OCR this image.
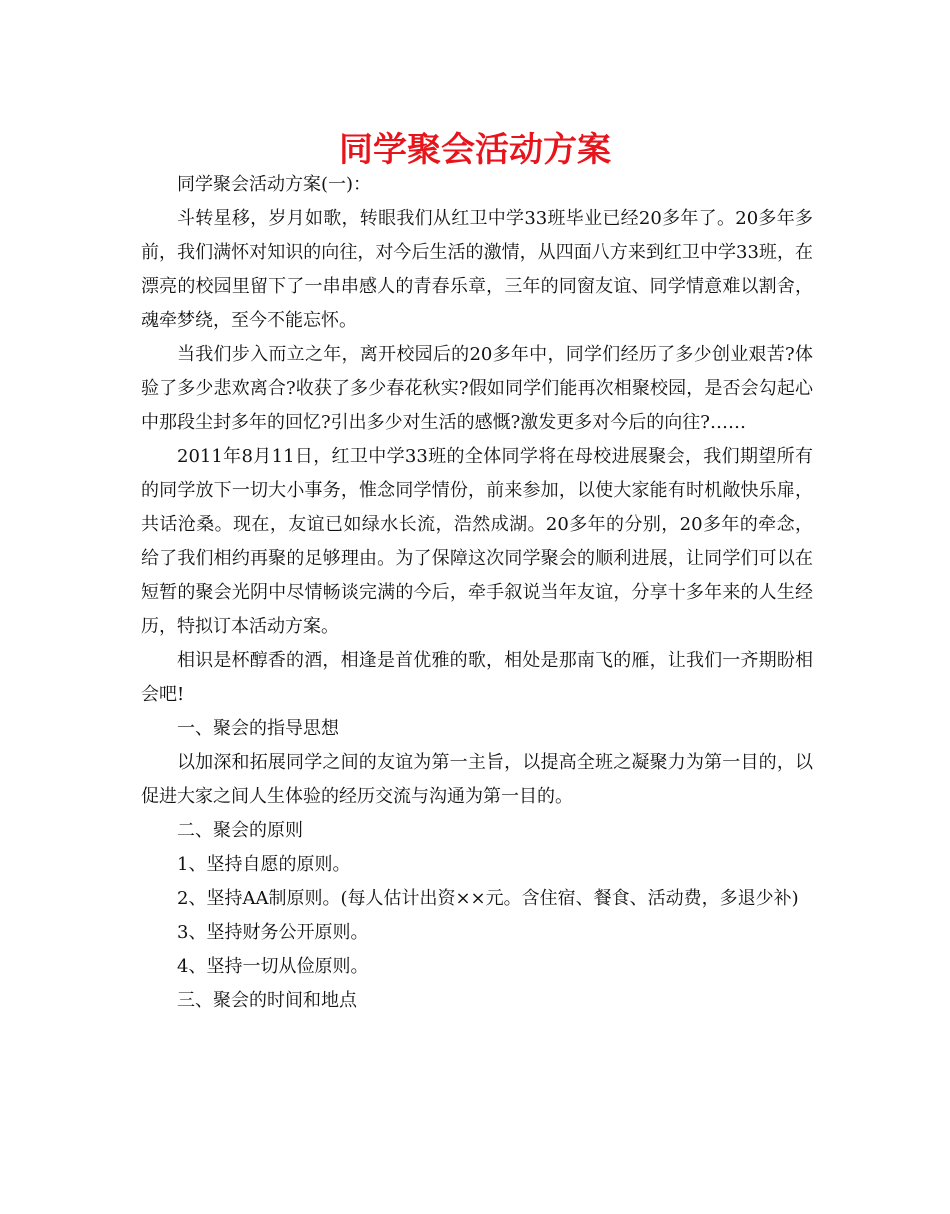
同学聚会活动方案

同学聚会活动方案(一)：

斗转星移，岁月如歌，转眼我们从红卫中学33班毕业已经20多年了。20多年多前，我们满怀对知识的向往，对今后生活的激情，从四面八方来到红卫中学33班，在漂亮的校园里留下了一串串感人的青春乐章，三年的同窗友谊、同学情意难以割舍，魂牵梦绕，至今不能忘怀。

当我们步入而立之年，离开校园后的20多年中，同学们经历了多少创业艰苦?体验了多少悲欢离合?收获了多少春花秋实?假如同学们能再次相聚校园，是否会勾起心中那段尘封多年的回忆?引出多少对生活的感慨?激发更多对今后的向往?……

2011年8月11日，红卫中学33班的全体同学将在母校进展聚会，我们期望所有的同学放下一切大小事务，惟念同学情份，前来参加，以使大家能有时机敞快乐扉，共话沧桑。现在，友谊已如绿水长流，浩然成湖。20多年的分别，20多年的牵念，给了我们相约再聚的足够理由。为了保障这次同学聚会的顺利进展，让同学们可以在短暂的聚会光阴中尽情畅谈完满的今后，牵手叙说当年友谊，分享十多年来的人生经历，特拟订本活动方案。

相识是杯醇香的酒，相逢是首优雅的歌，相处是那南飞的雁，让我们一齐期盼相会吧!

一、聚会的指导思想

以加深和拓展同学之间的友谊为第一主旨，以提高全班之凝聚力为第一目的，以促进大家之间人生体验的经历交流与沟通为第一目的。

二、聚会的原则

1、坚持自愿的原则。

2、坚持AA制原则。(每人估计出资××元。含住宿、餐食、活动费，多退少补)

3、坚持财务公开原则。

4、坚持一切从俭原则。

三、聚会的时间和地点
